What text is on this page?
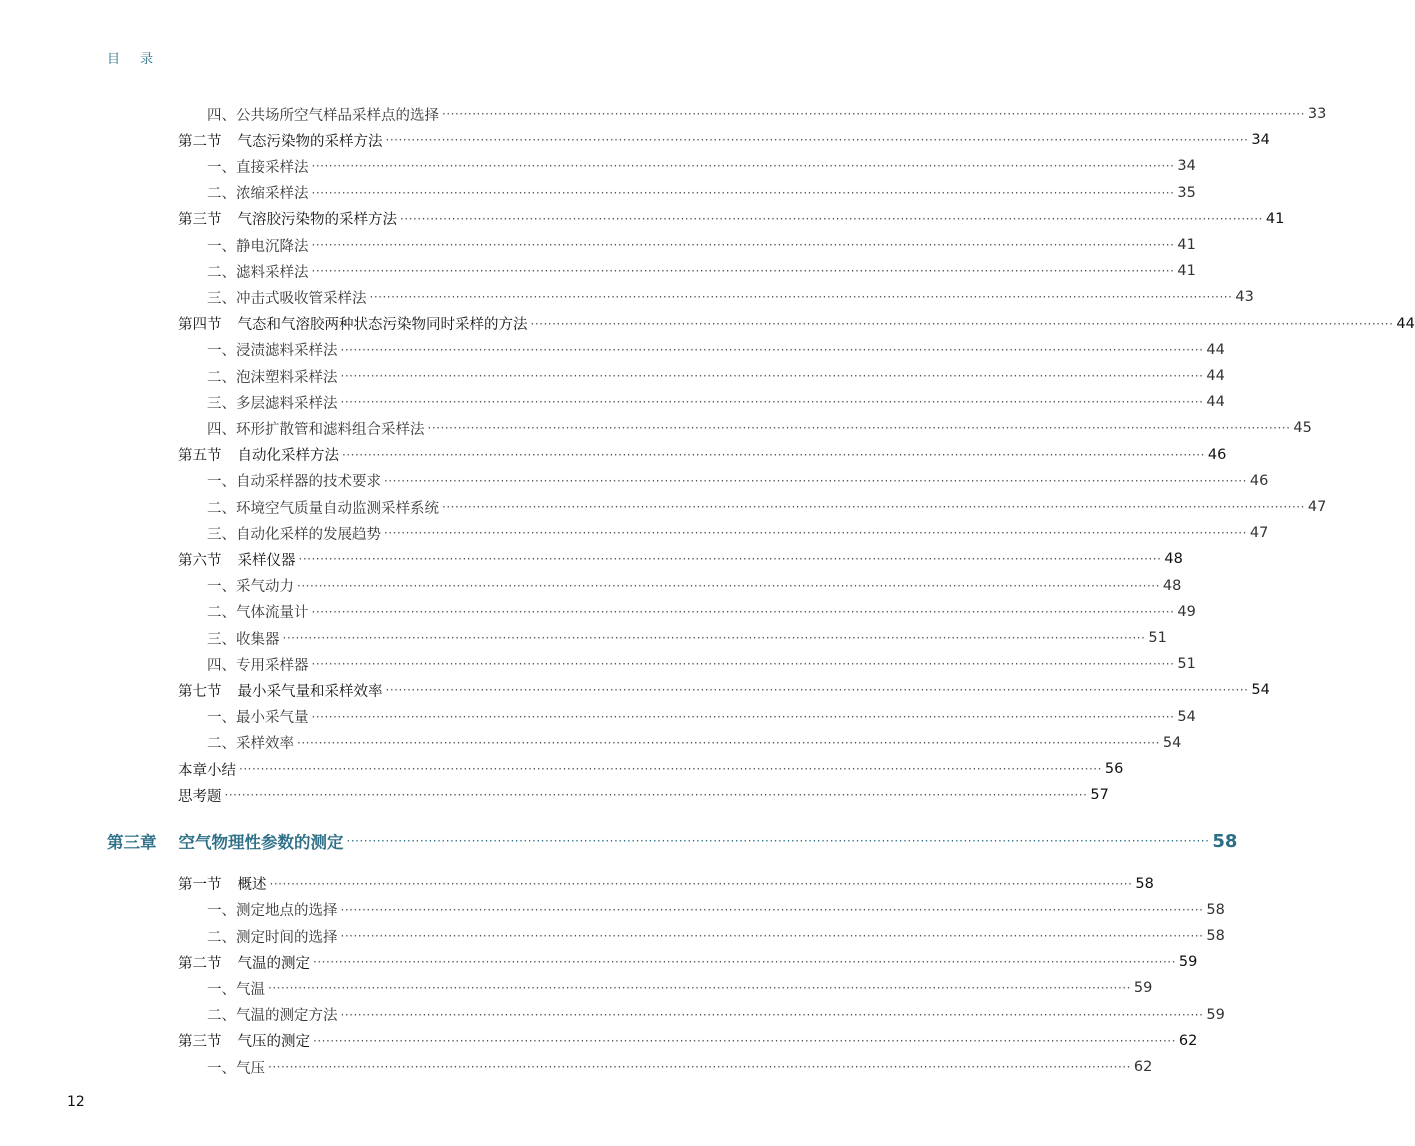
目 录
四、公共场所空气样品采样点的选择 ········································································································································································································ 33
第二节 气态污染物的采样方法 ········································································································································································································ 34
一、直接采样法 ········································································································································································································ 34
二、浓缩采样法 ········································································································································································································ 35
第三节 气溶胶污染物的采样方法 ········································································································································································································ 41
一、静电沉降法 ········································································································································································································ 41
二、滤料采样法 ········································································································································································································ 41
三、冲击式吸收管采样法 ········································································································································································································ 43
第四节 气态和气溶胶两种状态污染物同时采样的方法 ········································································································································································································ 44
一、浸渍滤料采样法 ········································································································································································································ 44
二、泡沫塑料采样法 ········································································································································································································ 44
三、多层滤料采样法 ········································································································································································································ 44
四、环形扩散管和滤料组合采样法 ········································································································································································································ 45
第五节 自动化采样方法 ········································································································································································································ 46
一、自动采样器的技术要求 ········································································································································································································ 46
二、环境空气质量自动监测采样系统 ········································································································································································································ 47
三、自动化采样的发展趋势 ········································································································································································································ 47
第六节 采样仪器 ········································································································································································································ 48
一、采气动力 ········································································································································································································ 48
二、气体流量计 ········································································································································································································ 49
三、收集器 ········································································································································································································ 51
四、专用采样器 ········································································································································································································ 51
第七节 最小采气量和采样效率 ········································································································································································································ 54
一、最小采气量 ········································································································································································································ 54
二、采样效率 ········································································································································································································ 54
本章小结 ········································································································································································································ 56
思考题 ········································································································································································································ 57
第三章 空气物理性参数的测定 ········································································································································································································ 58
第一节 概述 ········································································································································································································ 58
一、测定地点的选择 ········································································································································································································ 58
二、测定时间的选择 ········································································································································································································ 58
第二节 气温的测定 ········································································································································································································ 59
一、气温 ········································································································································································································ 59
二、气温的测定方法 ········································································································································································································ 59
第三节 气压的测定 ········································································································································································································ 62
一、气压 ········································································································································································································ 62
12
